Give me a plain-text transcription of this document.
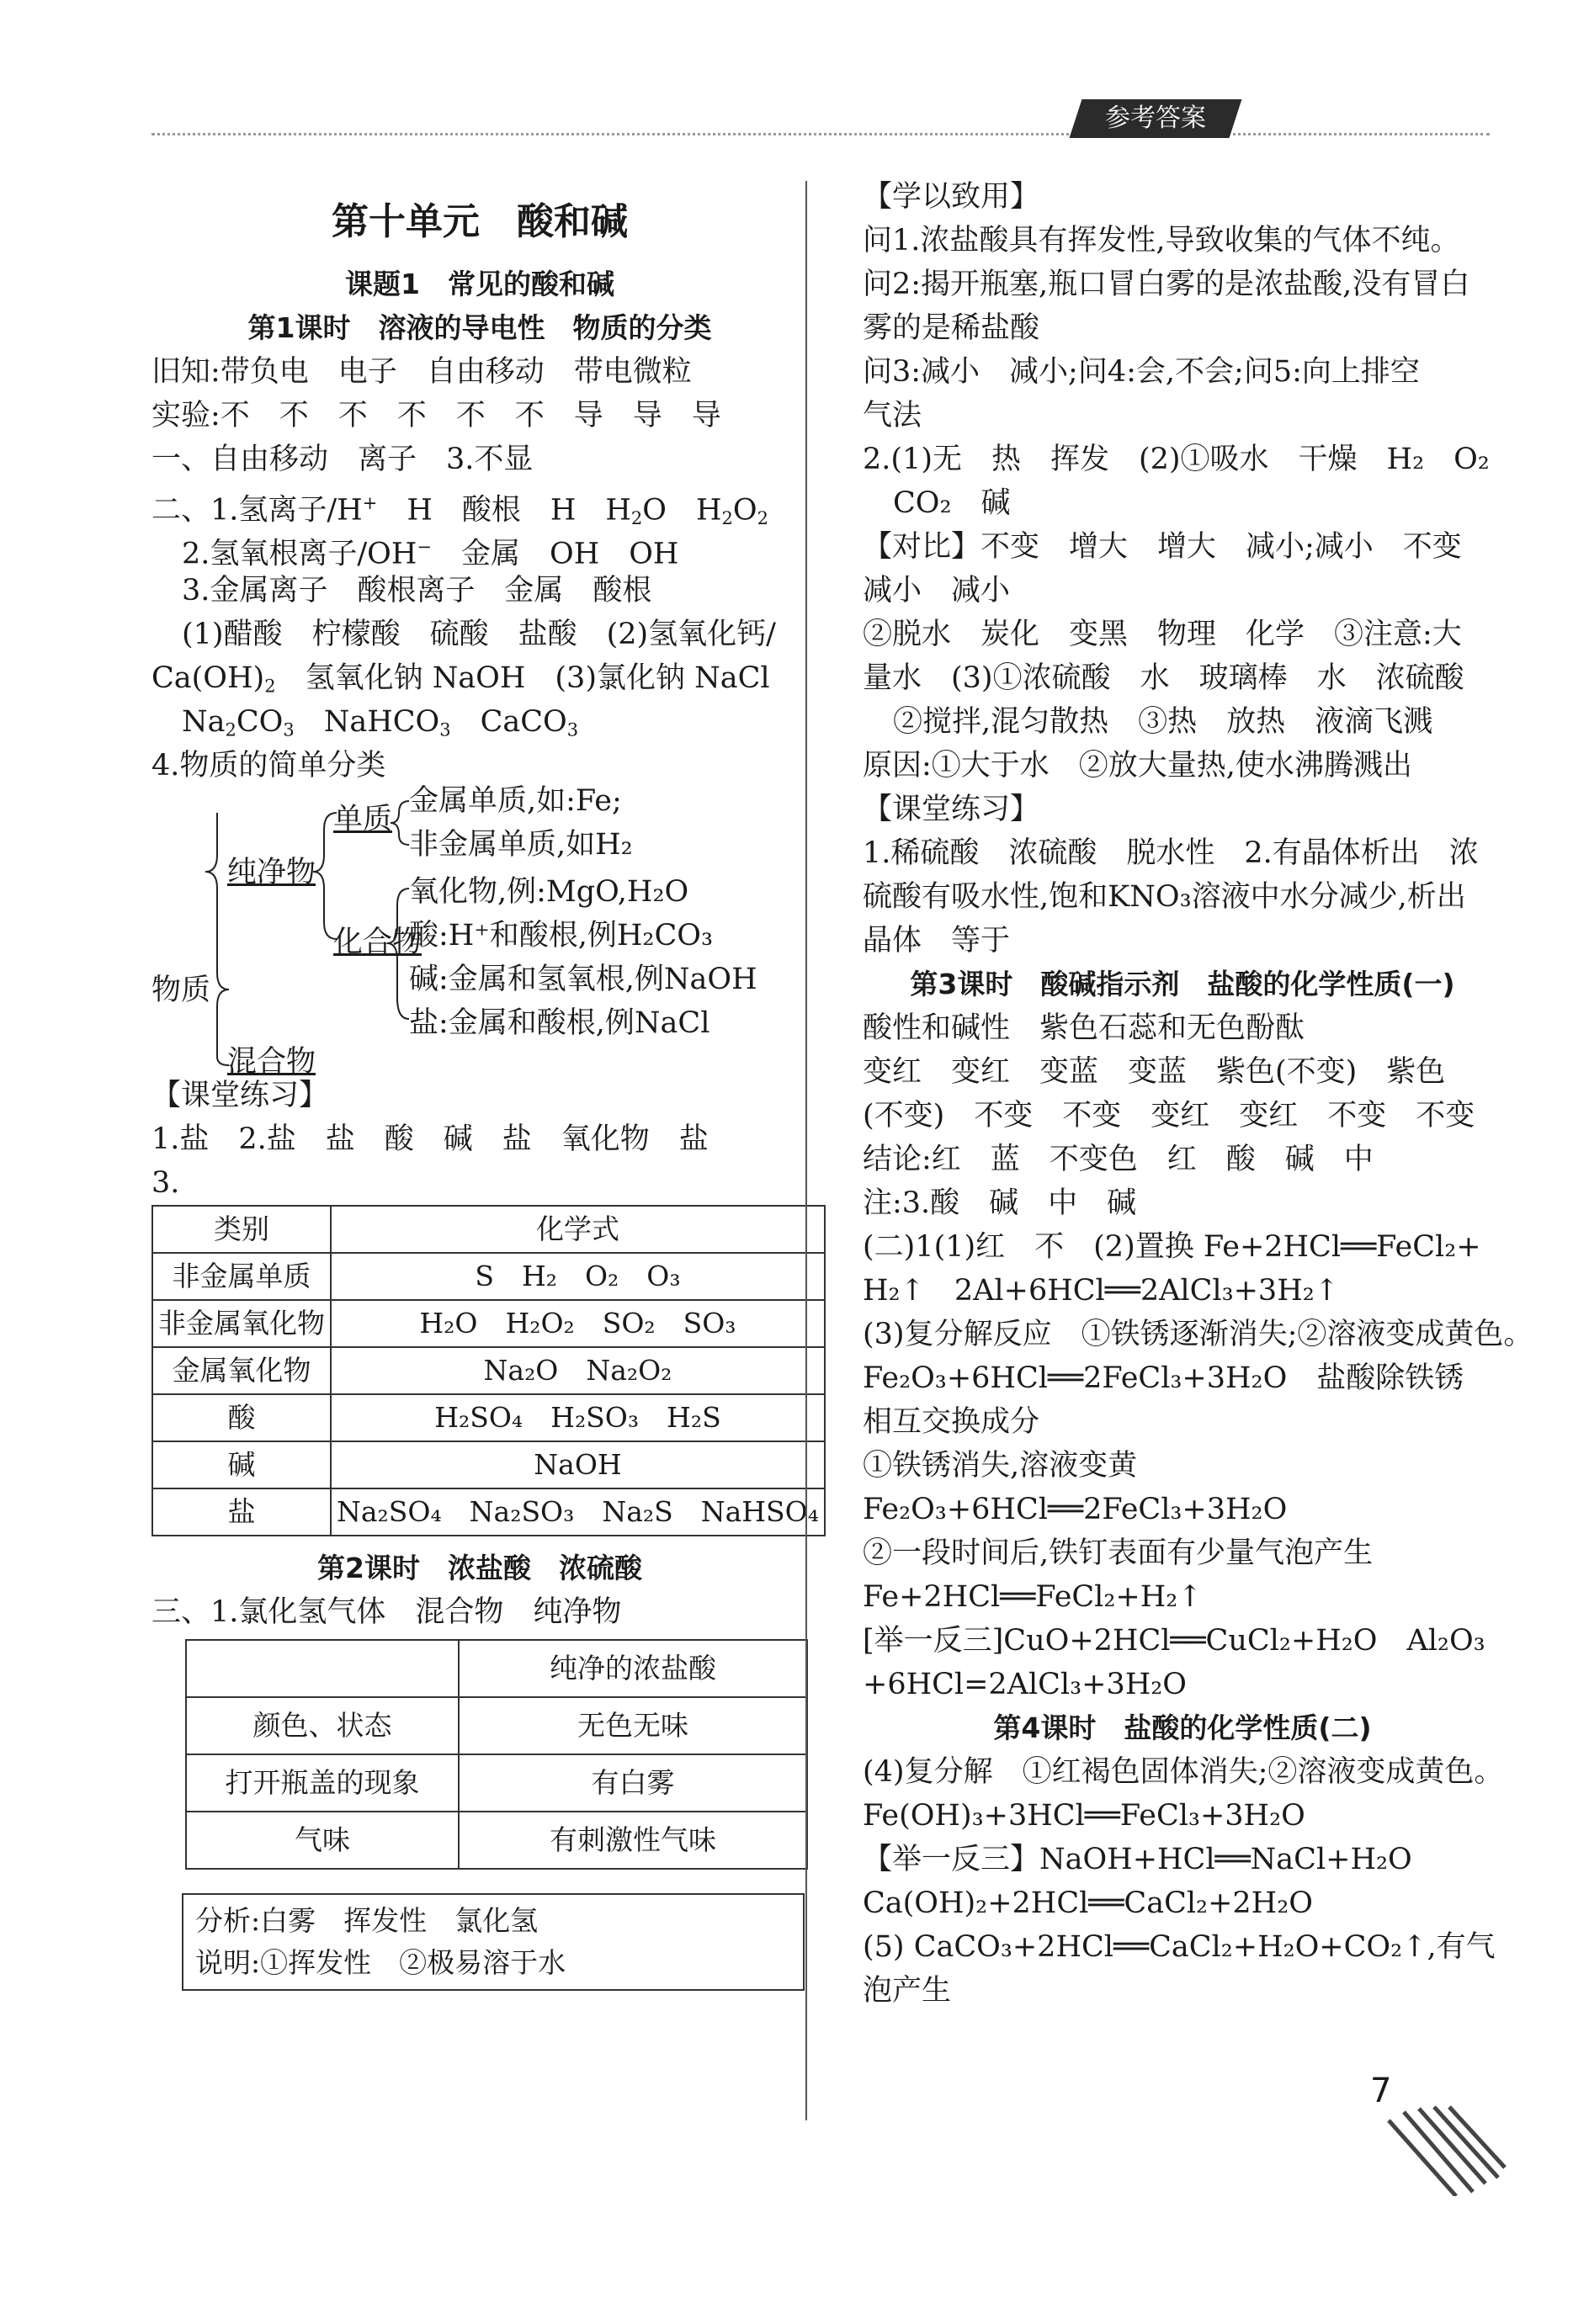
参考答案
第十单元　酸和碱
课题1　常见的酸和碱
第1课时　溶液的导电性　物质的分类
旧知:带负电　电子　自由移动　带电微粒
实验:不　不　不　不　不　不　导　导　导
一、自由移动　离子　3.不显
二、1.氢离子/H+　H　酸根　H　$H_2O$　$H_2O_2$
2.氢氧根离子/OH−　金属　OH　OH
3.金属离子　酸根离子　金属　酸根
(1)醋酸　柠檬酸　硫酸　盐酸　(2)氢氧化钙/
$Ca(OH)_2$　氢氧化钠 NaOH　(3)氯化钠 NaCl
$Na_2CO_3$　NaHCO$_3$　CaCO$_3$
4.物质的简单分类
物质
纯净物
混合物
单质
化合物
金属单质,如:Fe;
非金属单质,如H₂
氧化物,例:MgO,H₂O
酸:H⁺和酸根,例H₂CO₃
碱:金属和氢氧根,例NaOH
盐:金属和酸根,例NaCl
【课堂练习】
1.盐　2.盐　盐　酸　碱　盐　氧化物　盐
3.
类别	化学式
非金属单质	S　H₂　O₂　O₃
非金属氧化物	H₂O　H₂O₂　SO₂　SO₃
金属氧化物	Na₂O　Na₂O₂
酸	H₂SO₄　H₂SO₃　H₂S
碱	NaOH
盐	Na₂SO₄　Na₂SO₃　Na₂S　NaHSO₄
第2课时　浓盐酸　浓硫酸
三、1.氯化氢气体　混合物　纯净物
	纯净的浓盐酸
颜色、状态	无色无味
打开瓶盖的现象	有白雾
气味	有刺激性气味
分析:白雾　挥发性　氯化氢
说明:①挥发性　②极易溶于水
【学以致用】
问1.浓盐酸具有挥发性,导致收集的气体不纯。
问2:揭开瓶塞,瓶口冒白雾的是浓盐酸,没有冒白
雾的是稀盐酸
问3:减小　减小;问4:会,不会;问5:向上排空
气法
2.(1)无　热　挥发　(2)①吸水　干燥　H₂　O₂
CO₂　碱
【对比】不变　增大　增大　减小;减小　不变
减小　减小
②脱水　炭化　变黑　物理　化学　③注意:大
量水　(3)①浓硫酸　水　玻璃棒　水　浓硫酸
②搅拌,混匀散热　③热　放热　液滴飞溅
原因:①大于水　②放大量热,使水沸腾溅出
【课堂练习】
1.稀硫酸　浓硫酸　脱水性　2.有晶体析出　浓
硫酸有吸水性,饱和KNO₃溶液中水分减少,析出
晶体　等于
第3课时　酸碱指示剂　盐酸的化学性质(一)
酸性和碱性　紫色石蕊和无色酚酞
变红　变红　变蓝　变蓝　紫色(不变)　紫色
(不变)　不变　不变　变红　变红　不变　不变
结论:红　蓝　不变色　红　酸　碱　中
注:3.酸　碱　中　碱
(二)1(1)红　不　(2)置换 Fe+2HCl══FeCl₂+
H₂↑　2Al+6HCl══2AlCl₃+3H₂↑
(3)复分解反应　①铁锈逐渐消失;②溶液变成黄色。
Fe₂O₃+6HCl══2FeCl₃+3H₂O　盐酸除铁锈
相互交换成分
①铁锈消失,溶液变黄
Fe₂O₃+6HCl══2FeCl₃+3H₂O
②一段时间后,铁钉表面有少量气泡产生
Fe+2HCl══FeCl₂+H₂↑
[举一反三]CuO+2HCl══CuCl₂+H₂O　Al₂O₃
+6HCl=2AlCl₃+3H₂O
第4课时　盐酸的化学性质(二)
(4)复分解　①红褐色固体消失;②溶液变成黄色。
Fe(OH)₃+3HCl══FeCl₃+3H₂O
【举一反三】NaOH+HCl══NaCl+H₂O
Ca(OH)₂+2HCl══CaCl₂+2H₂O
(5) CaCO₃+2HCl══CaCl₂+H₂O+CO₂↑,有气
泡产生
7
